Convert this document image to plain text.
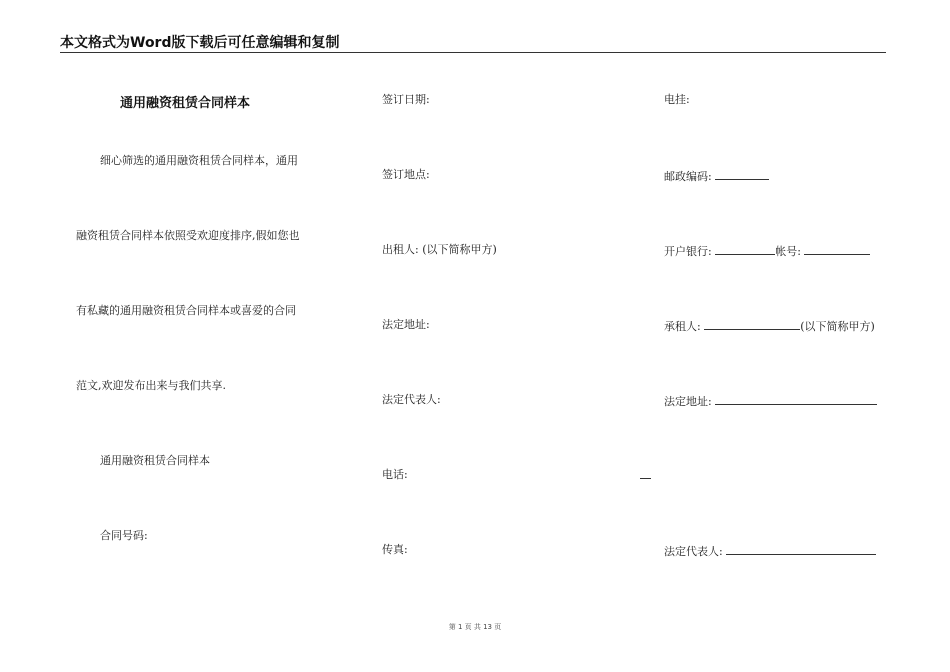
本文格式为Word版下载后可任意编辑和复制
通用融资租赁合同样本
细心筛选的通用融资租赁合同样本，通用
融资租赁合同样本依照受欢迎度排序,假如您也
有私藏的通用融资租赁合同样本或喜爱的合同
范文,欢迎发布出来与我们共享.
通用融资租赁合同样本
合同号码:
签订日期:
签订地点:
出租人: (以下简称甲方)
法定地址:
法定代表人:
电话:
传真:
电挂:
邮政编码:
开户银行:	帐号:
承租人:	(以下简称甲方)
法定地址:
法定代表人:
第 1 页 共 13 页
